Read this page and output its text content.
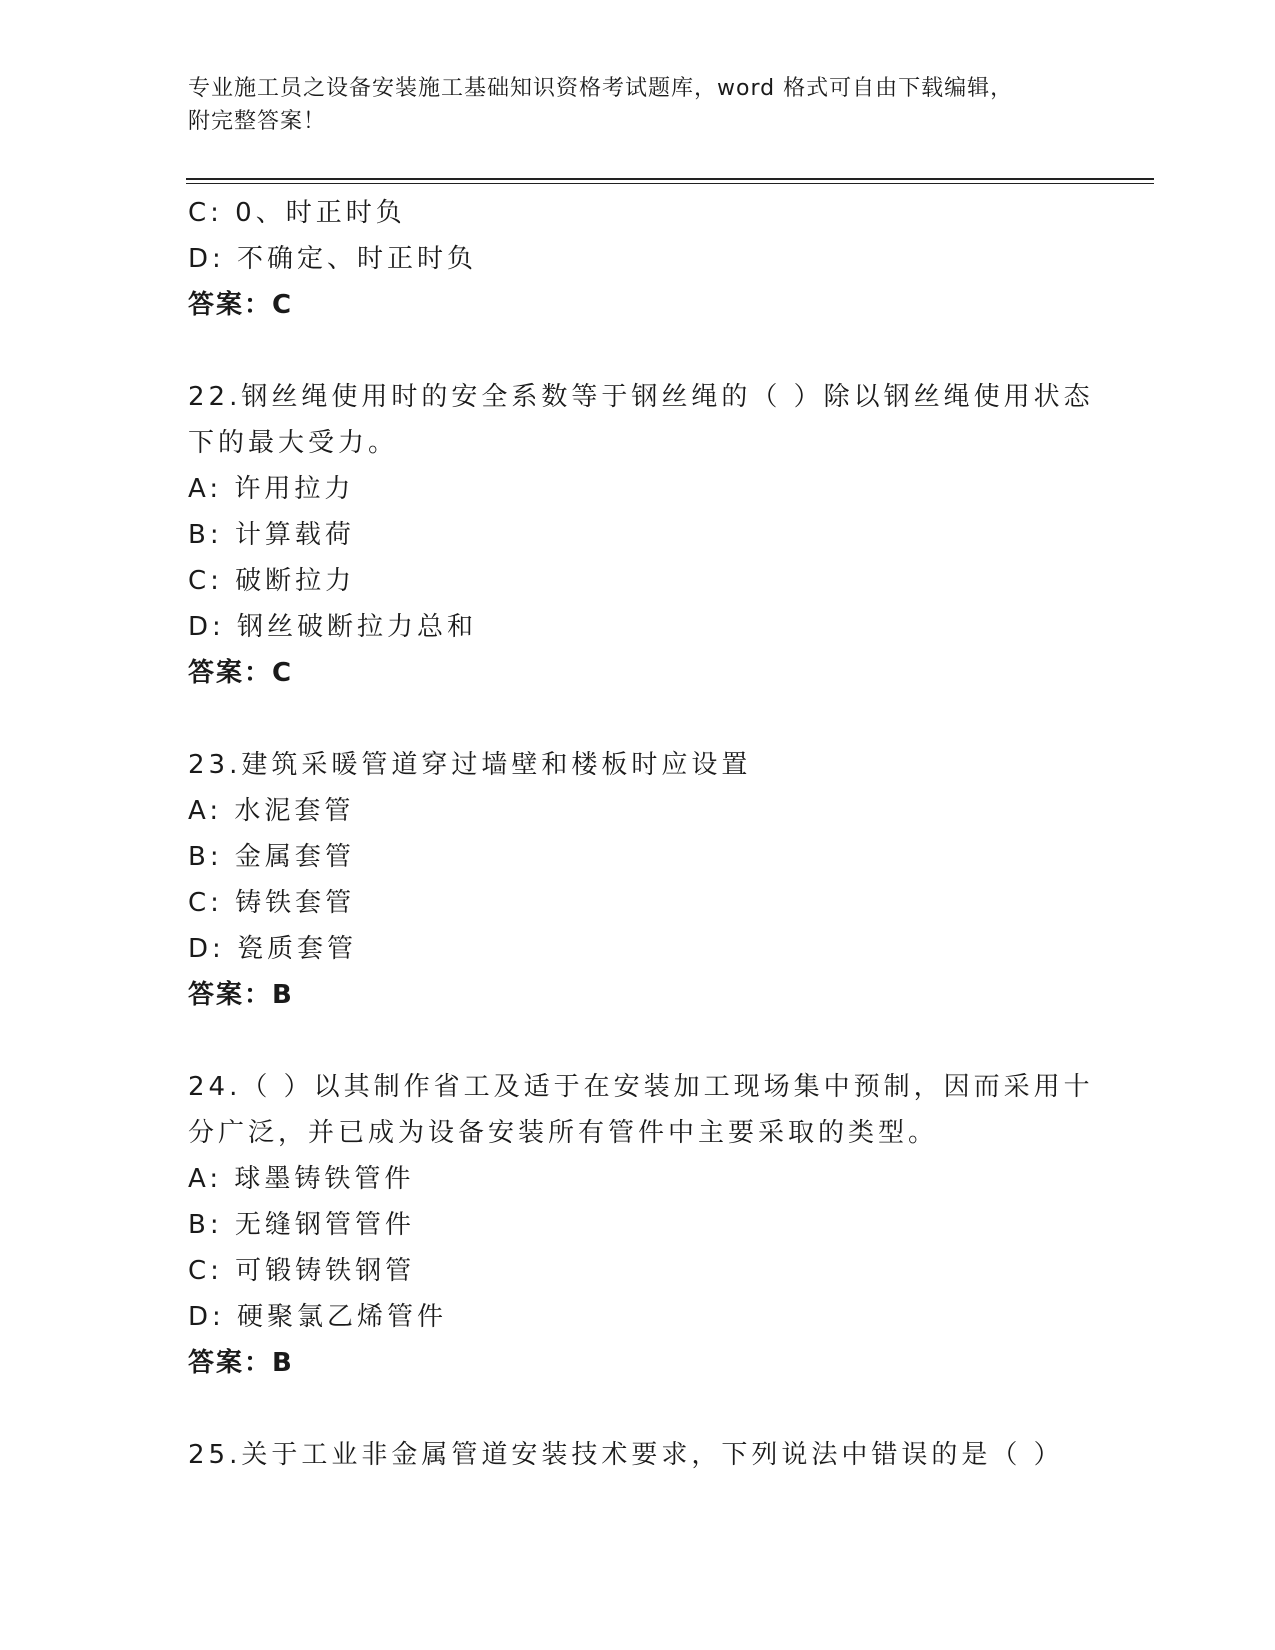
专业施工员之设备安装施工基础知识资格考试题库，word 格式可自由下载编辑，
附完整答案！
C: 0、时正时负
D: 不确定、时正时负
答案：C
22.钢丝绳使用时的安全系数等于钢丝绳的（ ）除以钢丝绳使用状态
下的最大受力。
A: 许用拉力
B: 计算载荷
C: 破断拉力
D: 钢丝破断拉力总和
答案：C
23.建筑采暖管道穿过墙壁和楼板时应设置
A: 水泥套管
B: 金属套管
C: 铸铁套管
D: 瓷质套管
答案：B
24.（ ）以其制作省工及适于在安装加工现场集中预制，因而采用十
分广泛，并已成为设备安装所有管件中主要采取的类型。
A: 球墨铸铁管件
B: 无缝钢管管件
C: 可锻铸铁钢管
D: 硬聚氯乙烯管件
答案：B
25.关于工业非金属管道安装技术要求，下列说法中错误的是（ ）
